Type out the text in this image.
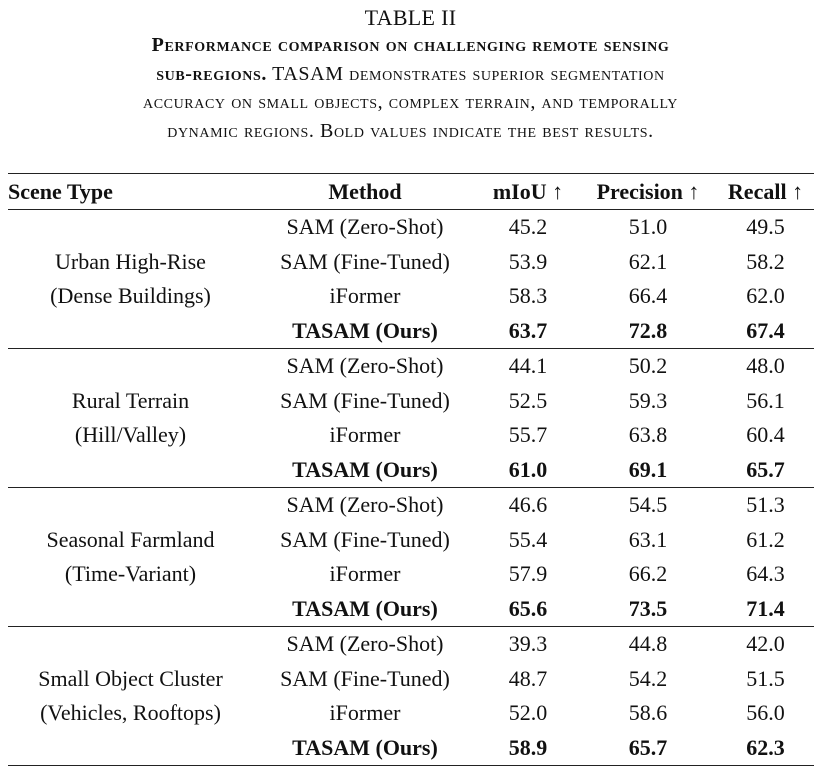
TABLE II
Performance comparison on challenging remote sensing
sub-regions. TASAM demonstrates superior segmentation
accuracy on small objects, complex terrain, and temporally
dynamic regions. Bold values indicate the best results.
Scene Type	Method	mIoU ↑	Precision ↑	Recall ↑

Urban High-Rise
(Dense Buildings)	SAM (Zero-Shot)	45.2	51.0	49.5
	SAM (Fine-Tuned)	53.9	62.1	58.2
	iFormer	58.3	66.4	62.0
	TASAM (Ours)	63.7	72.8	67.4

Rural Terrain
(Hill/Valley)	SAM (Zero-Shot)	44.1	50.2	48.0
	SAM (Fine-Tuned)	52.5	59.3	56.1
	iFormer	55.7	63.8	60.4
	TASAM (Ours)	61.0	69.1	65.7

Seasonal Farmland
(Time-Variant)	SAM (Zero-Shot)	46.6	54.5	51.3
	SAM (Fine-Tuned)	55.4	63.1	61.2
	iFormer	57.9	66.2	64.3
	TASAM (Ours)	65.6	73.5	71.4

Small Object Cluster
(Vehicles, Rooftops)	SAM (Zero-Shot)	39.3	44.8	42.0
	SAM (Fine-Tuned)	48.7	54.2	51.5
	iFormer	52.0	58.6	56.0
	TASAM (Ours)	58.9	65.7	62.3
